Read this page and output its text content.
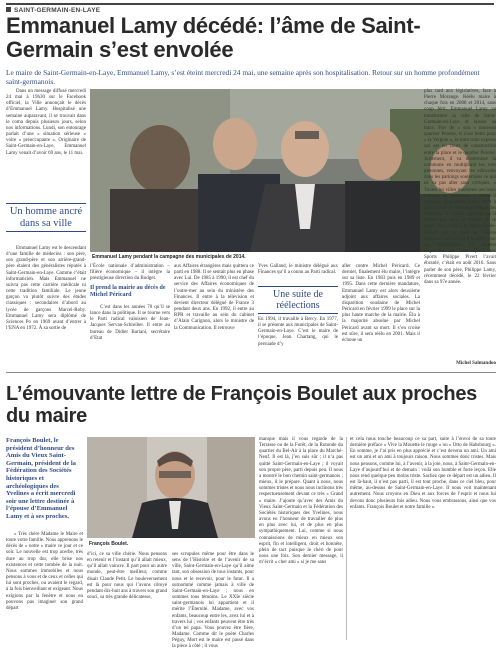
SAINT-GERMAIN-EN-LAYE
Emmanuel Lamy décédé: l’âme de Saint-Germain s’est envolée
Le maire de Saint-Germain-en-Laye, Emmanuel Lamy, s’est éteint mercredi 24 mai, une semaine après son hospitalisation. Retour sur un homme profondément saint-germanois.
Dans un message diffusé mercredi 24 mai à 19h30 sur le Facebook officiel, la Ville annonçait le décès d’Emmanuel Lamy. Hospitalisé une semaine auparavant, il se trouvait dans le coma depuis plusieurs jours, selon nos informations. Lundi, son entourage parlait d’une « situation sérieuse » voire « préoccupante ». Originaire de Saint-Germain-en-Laye, Emmanuel Lamy venait d’avoir 69 ans, le 11 mai.
Un homme ancré dans sa ville
Emmanuel Lamy est le descendant d’une famille de médecins : son père, son grand-père et son arrière-grand-père étaient des généralistes réputés à Saint-Germain-en-Laye. Comme c’était informaticien. Mais Emmanuel ne suivra pas cette carrière médicale ni cette tradition familiale. Le jeune garçon va plutôt suivre des études classiques : secondaires d’abord au lycée de garçons Marcel-Roby. Emmanuel Lamy sera diplômé de Sciences Po en 1969 avant d’entrer à l’ENA en 1972. À sa sortie de
Emmanuel Lamy pendant la campagne des municipales de 2014.
l’École nationale d’administration – filière économique – il intègre la prestigieuse direction du Budget.
Il prend la mairie au décès de Michel Péricard
C’est dans les années 70 qu’il se lance dans la politique. Il se tourne vers le Parti radical valoisien de Jean-Jacques Servan-Schreiber. Il entre au bureau de Didier Bariani, secrétaire d’Etat
aux Affaires étrangères mais quittera ce parti en 1988. Il se sentait plus en phase avec Lui. De 1985 à 1990, il est chef du service des Affaires économiques de l’outre-mer au sein du ministère des Finances. Il entre à la télévision et devient directeur délégué de France 3 pendant deux ans. En 1992, il entre au RPR et travaille au sein du cabinet d’Alain Carignon, alors le ministre de la Communication. Il retrouve
Yves Galland, le ministre délégué aux Finances qu’il a connu au Parti radical.
Une suite de réélections
En 1994, il travaille à Bercy. En 1977, il se présente aux municipales de Saint-Germain-en-Laye. C’est le maire de l’époque, Jean Chartang, qui le persuade d’y
aller contre Michel Péricard. Ce dernier, finalement élu maire, l’intègre sur sa liste. En 1983 puis en 1989 et 1995. Dans cette dernière mandature, Emmanuel Lamy est alors deuxième adjoint aux affaires sociales. La disparition soudaine de Michel Péricard en février 1999 le place sur la plus haute marche de la mairie. Élu à la majorité absolue par Michel Péricard avant sa mort. Il s’en croise est sûre, il sera réélu en 2001. Mais il échoue un
plus tard aux législatives, face à Pierre Morange. Réélu maire à chaque fois en 2008 et 2014, sans coup férir, Emmanuel Lamy va transformer la ville de Saint-Germain-en-Laye et laisser sa trace. Fier de « son » nouveau quartier Pereire, il s’est battu pour « la Vergule », le tram train express qui est en cours de construction entre la place et le quartier Pereire. Justement, il va moderniser la commune en multipliant les rues piétonnes, renvoyant les véhicules dans les parkings souterrains ce qui ne va pas aller sans critiques. « Toutes les villes modernes ont leurs voitures en souterrain », aimait-il rappeler. Emmanuel Lamy était à part au sein du monde politique des Yvelines. Il aimait rappeler qu’il n’était pas dans le moule. Il se serait bien vu élu à la région Île-de-France sur la liste de Valérie Pécresse, nous avait-il soufflé pour ses pourparlers. La récente disparition de son adjoint aux Sports Philippe Pivert l’avait ébranlé, c’était en août 2016. Sans parler de son père, Philippe Lamy, récemment décédé, le 22 février dans sa 97e année.
Michel Salmandoo
L’émouvante lettre de François Boulet aux proches du maire
François Boulet, le président d’honneur des Amis du Vieux Saint-Germain, président de la Fédération des Sociétés historiques et archéologiques des Yvelines a écrit mercredi soir une lettre destinée à l’épouse d’Emmanuel Lamy et à ses proches.
« Très chère Madame le Maire et toute votre famille. Nous apprenons le décès de « notre » maire ce jour et ce soir. Le nouvelle est trop acerbe, très dure au trop dur, elle brise nos existences et cette tombée de la nuit. Nous sommes immobiles et nous pensons à vous et de ceux et celles qui lui sont proches, ou avaient le regard, à la fois bienveillant et exigeant. Nous exigions par la fenêtre et nous en pouvons pas imaginer son grand départ
François Boulet.
d’ici, ce sa ville chérie. Nous pensons en retenir et l’instant qu’il allait mieux, qu’il allait vaincre. Il part pour un autre monde, peut-être meilleur, comme disait Claude Petit. Le bouleversement est là pour nous qui l’avons côtoyé pendant dix-huit ans à travers son grand souci, sa très grande délicatesse,
ses scrupules même pour être dans le sens de l’Histoire et de l’avenir de sa ville, Saint-Germain-en-Laye qu’il aime tant, son obsession de tous instants, pour nous et le recevoir, pour le futur. Il a surnommé comme jamais à ville de Saint-Germain-en-Laye ; nous en sommes tous témoins. Le XXIe siècle saint-germanois lui appartient et il mérite l’Éternité. Madame, avec vos enfants, beaucoup entre les, avez lui et à travers lui ; vos enfants peuvent être très d’un tel papa. Vous pouvez être fière, Madame. Comme dit le poète Charles Péguy, Mort est le maire est passé dans la pièce à côté ; il vous
manque mais il vous regarde de la Terrasse ou de la Forêt, de la Rotonde du quartier du Bel-Air à la place du Marché-Neuf. Il est là, j’en suis sûr ; il n’a pas quitté Saint-Germain-en-Laye ; il voyait son propre père, parti depuis peu. Il nous a montré le bon chemin saint-germanois ; mieux, il le prépare. Quant à nous, nous sommes tristes et nous nous inclinons très respectueusement devant ce très « Grand » maire. J’ajoute qu’avec des Amis du Vieux Saint-Germain et la Fédération des Sociétés historiques des Yvelines, nous avons eu l’honneur de travailler de plus en plus avec lui, et de plus en plus sympathiquement. Lui, comme si nous connaissions de mieux en mieux son esprit, fin et intelligent, droit et honnête, plein de tact puisque le chéri de pour nous une fois. Son dernier message, il m’écrit « cher ami » si je me sans
et cela nous touche beaucoup ce sa part, suite à l’envoi de sa toute dernière préface « Vive la Mouette le rouge » ou « Otto de Habsbourg ». En somme, je l’ai pris en plus apprécié et c’est devenu un ami. Un ami est un ami et un ami à toujours raison. Nous sommes donc tristes. Mais nous pensons, comme lui, à l’avenir, à la joie, nous, à Saint-Germain-en-Laye d’aujourd’hui et de demain : voilà son humble et forte leçon. Elle nous rend quelque peu moins triste. Sachez que ce départ est un adieu. Il est là-haut, il n’est pas parti, il est tout proche, dans ce ciel bleu, pour même, au-dessus de Saint-Germain-en-Laye. Il nous voit maintenant autrement. Nous croyons en Dieu et aux forces de l’esprit et nous lui devons donc plusieurs fois adieu. Nous vous embrassons, ainsi que vos enfants. François Boulet et notre famille ».
